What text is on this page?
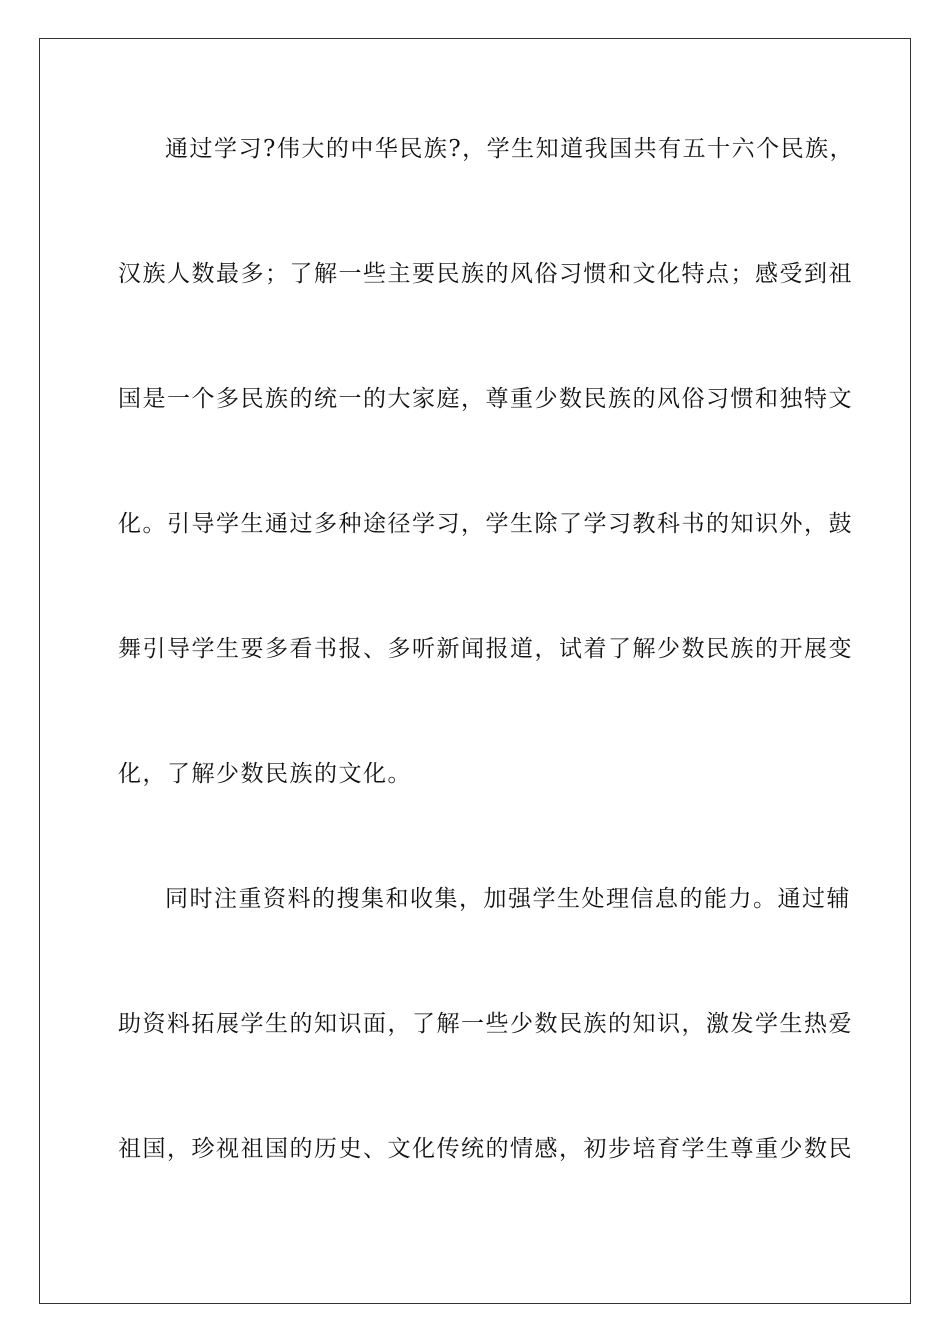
通过学习?伟大的中华民族?，学生知道我国共有五十六个民族，
汉族人数最多；了解一些主要民族的风俗习惯和文化特点；感受到祖
国是一个多民族的统一的大家庭，尊重少数民族的风俗习惯和独特文
化。引导学生通过多种途径学习，学生除了学习教科书的知识外，鼓
舞引导学生要多看书报、多听新闻报道，试着了解少数民族的开展变
化，了解少数民族的文化。
同时注重资料的搜集和收集，加强学生处理信息的能力。通过辅
助资料拓展学生的知识面，了解一些少数民族的知识，激发学生热爱
祖国，珍视祖国的历史、文化传统的情感，初步培育学生尊重少数民
